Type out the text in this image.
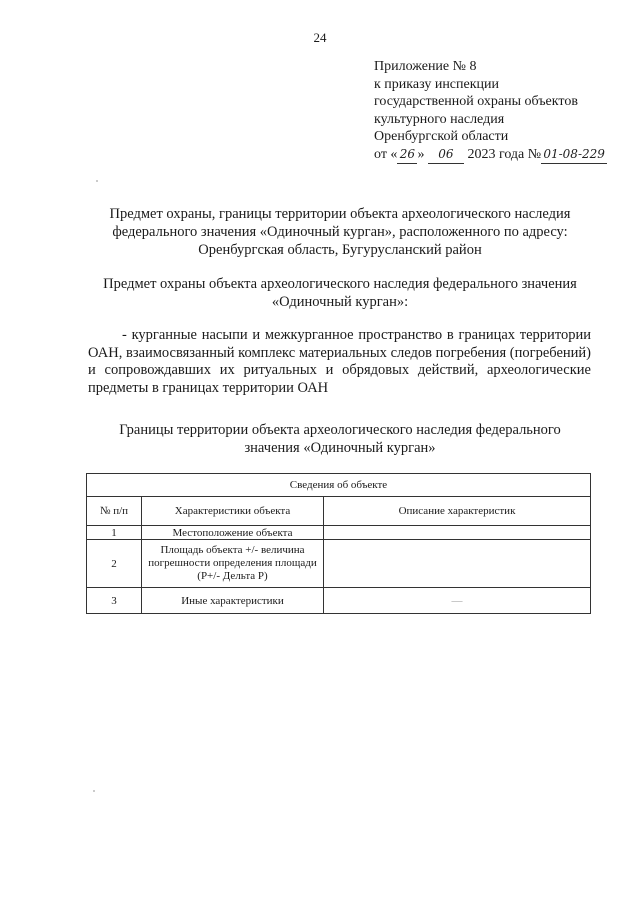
24
Приложение № 8
к приказу инспекции
государственной охраны объектов
культурного наследия
Оренбургской области
от « 26 » 06 2023 года № 01-08-229
Предмет охраны, границы территории объекта археологического наследия
федерального значения «Одиночный курган», расположенного по адресу:
Оренбургская область, Бугурусланский район
Предмет охраны объекта археологического наследия федерального значения
«Одиночный курган»:

- курганные насыпи и межкурганное пространство в границах территории ОАН, взаимосвязанный комплекс материальных следов погребения (погребений) и сопровождавших их ритуальных и обрядовых действий, археологические предметы в границах территории ОАН

Границы территории объекта археологического наследия федерального
значения «Одиночный курган»
Сведения об объекте		
№ п/п	Характеристики объекта	Описание характеристик
1	Местоположение объекта	
2	Площадь объекта +/- величина погрешности определения площади (Р+/- Дельта Р)	
3	Иные характеристики	—
